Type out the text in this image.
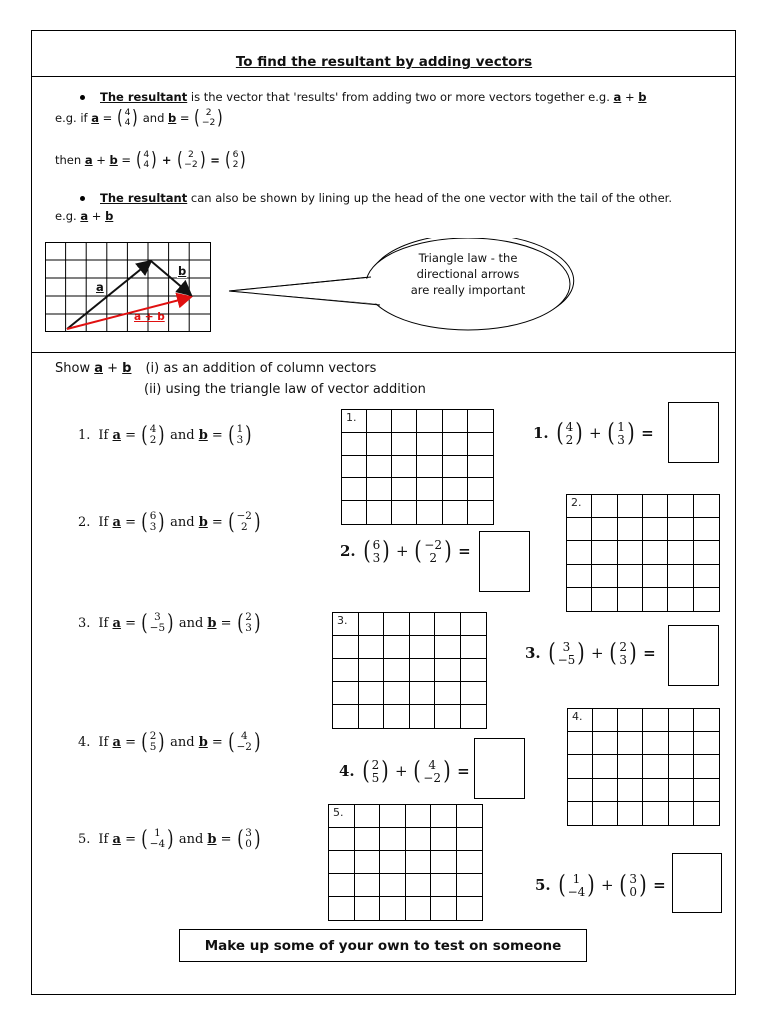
To find the resultant by adding vectors
The resultant is the vector that 'results' from adding two or more vectors together e.g. a + b
e.g. if a = ( 4
4 ) and b = ( 2
−2 )
then a + b = ( 4
4 ) + ( 2
−2 ) = ( 6
2 )
The resultant can also be shown by lining up the head of the one vector with the tail of the other.
e.g. a + b
a
b
a + b
Triangle law - the
directional arrows
are really important
Show a + b (i) as an addition of column vectors
(ii) using the triangle law of vector addition
1. If a = ( 4
2 ) and b = ( 1
3 )
2. If a = ( 6
3 ) and b = ( −2
2 )
3. If a = ( 3
−5 ) and b = ( 2
3 )
4. If a = ( 2
5 ) and b = ( 4
−2 )
5. If a = ( 1
−4 ) and b = ( 3
0 )
1. ( 4
2 ) + ( 1
3 ) =
2. ( 6
3 ) + ( −2
2 ) =
3. ( 3
−5 ) + ( 2
3 ) =
4. ( 2
5 ) + ( 4
−2 ) =
5. ( 1
−4 ) + ( 3
0 ) =
Make up some of your own to test on someone
1.
2.
3.
4.
5.
